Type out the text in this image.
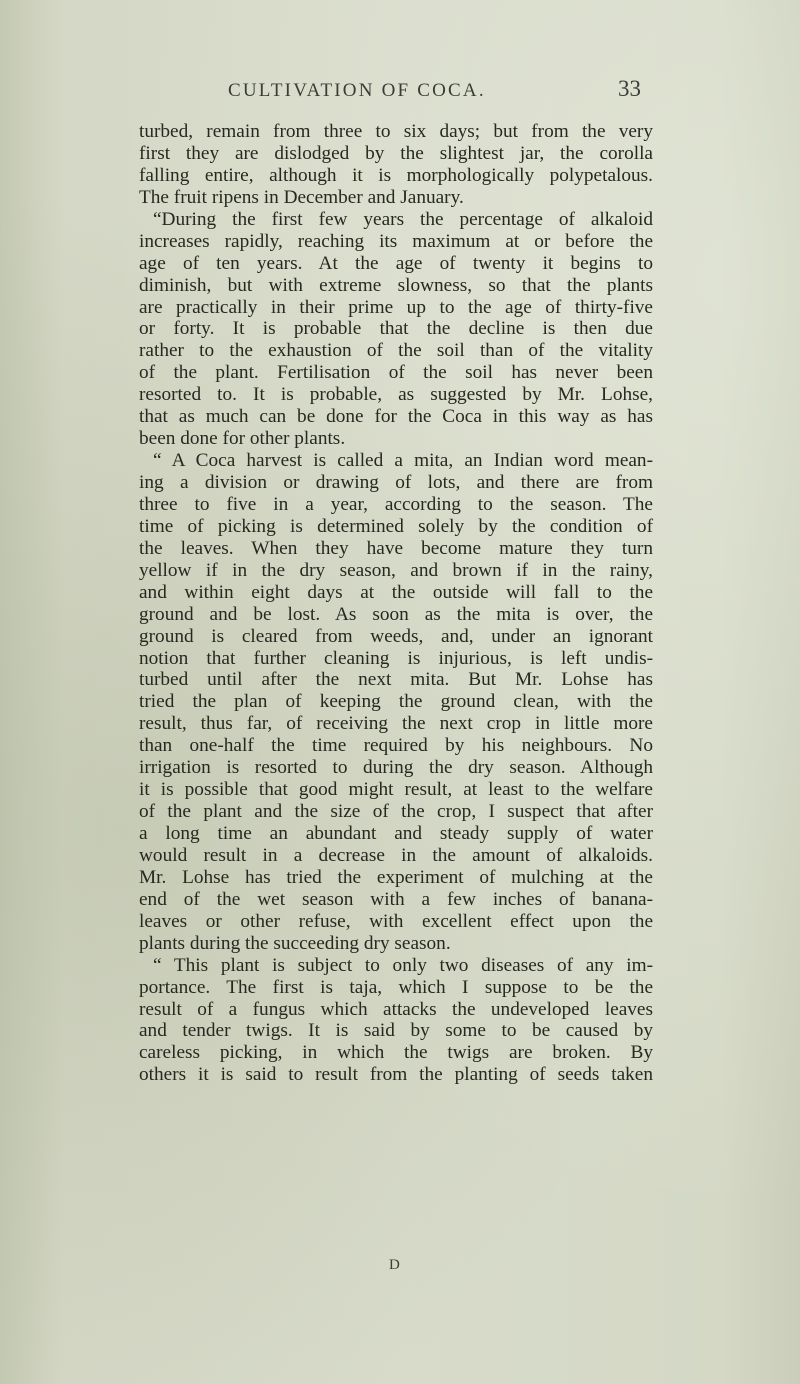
CULTIVATION OF COCA.	33
turbed, remain from three to six days; but from the very
first they are dislodged by the slightest jar, the corolla
falling entire, although it is morphologically polypetalous.
The fruit ripens in December and January.
“During the first few years the percentage of alkaloid
increases rapidly, reaching its maximum at or before the
age of ten years. At the age of twenty it begins to
diminish, but with extreme slowness, so that the plants
are practically in their prime up to the age of thirty-five
or forty. It is probable that the decline is then due
rather to the exhaustion of the soil than of the vitality
of the plant. Fertilisation of the soil has never been
resorted to. It is probable, as suggested by Mr. Lohse,
that as much can be done for the Coca in this way as has
been done for other plants.
“ A Coca harvest is called a mita, an Indian word mean-
ing a division or drawing of lots, and there are from
three to five in a year, according to the season. The
time of picking is determined solely by the condition of
the leaves. When they have become mature they turn
yellow if in the dry season, and brown if in the rainy,
and within eight days at the outside will fall to the
ground and be lost. As soon as the mita is over, the
ground is cleared from weeds, and, under an ignorant
notion that further cleaning is injurious, is left undis-
turbed until after the next mita. But Mr. Lohse has
tried the plan of keeping the ground clean, with the
result, thus far, of receiving the next crop in little more
than one-half the time required by his neighbours. No
irrigation is resorted to during the dry season. Although
it is possible that good might result, at least to the welfare
of the plant and the size of the crop, I suspect that after
a long time an abundant and steady supply of water
would result in a decrease in the amount of alkaloids.
Mr. Lohse has tried the experiment of mulching at the
end of the wet season with a few inches of banana-
leaves or other refuse, with excellent effect upon the
plants during the succeeding dry season.
“ This plant is subject to only two diseases of any im-
portance. The first is taja, which I suppose to be the
result of a fungus which attacks the undeveloped leaves
and tender twigs. It is said by some to be caused by
careless picking, in which the twigs are broken. By
others it is said to result from the planting of seeds taken
D
